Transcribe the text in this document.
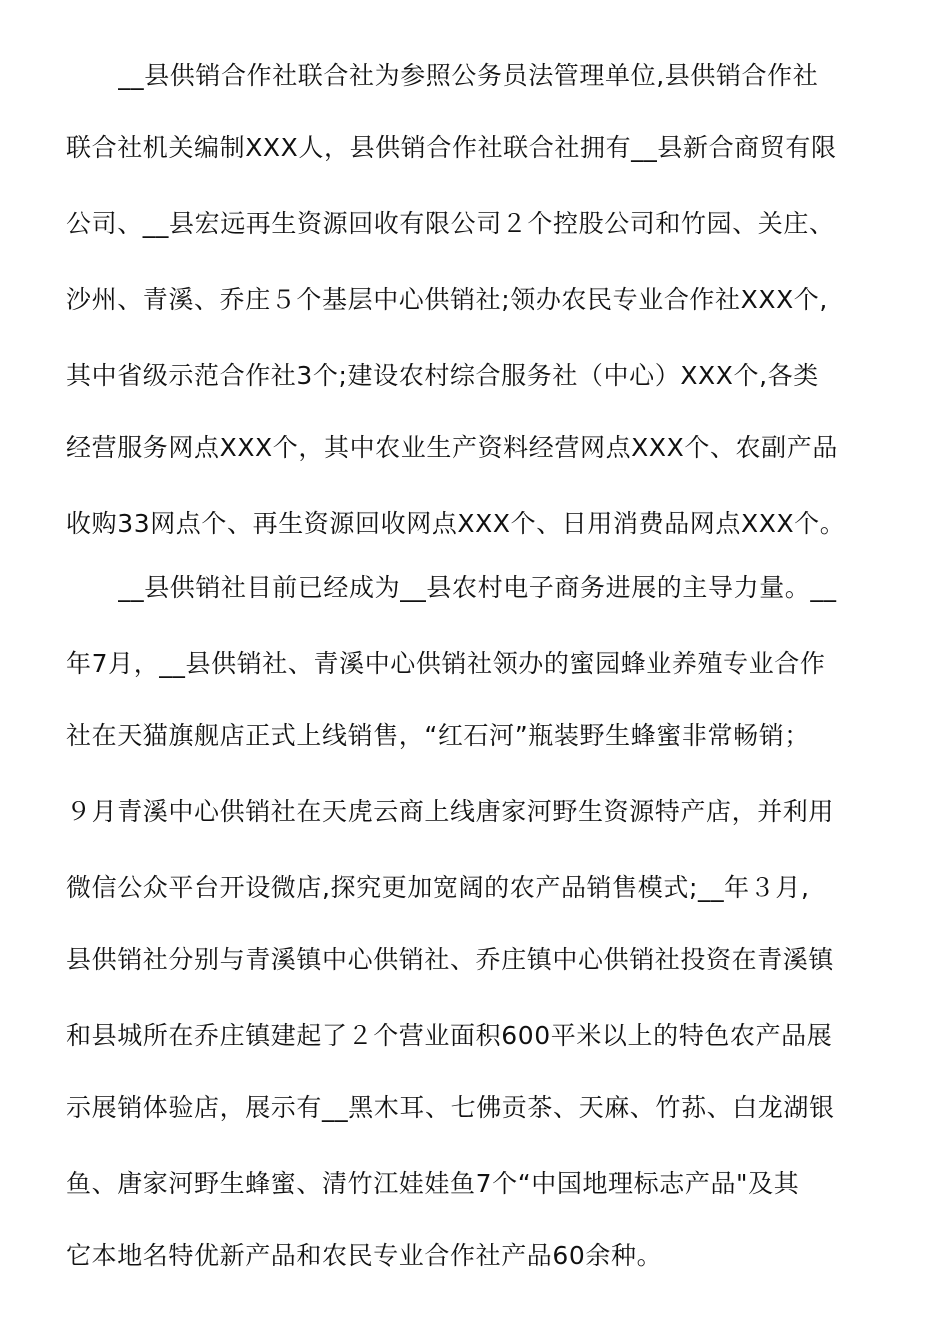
__县供销合作社联合社为参照公务员法管理单位,县供销合作社
联合社机关编制XXX人，县供销合作社联合社拥有__县新合商贸有限
公司、__县宏远再生资源回收有限公司２个控股公司和竹园、关庄、
沙州、青溪、乔庄５个基层中心供销社;领办农民专业合作社XXX个,
其中省级示范合作社3个;建设农村综合服务社（中心）XXX个,各类
经营服务网点XXX个，其中农业生产资料经营网点XXX个、农副产品
收购33网点个、再生资源回收网点XXX个、日用消费品网点XXX个。
__县供销社目前已经成为__县农村电子商务进展的主导力量。__
年7月，__县供销社、青溪中心供销社领办的蜜园蜂业养殖专业合作
社在天猫旗舰店正式上线销售，“红石河”瓶装野生蜂蜜非常畅销；
９月青溪中心供销社在天虎云商上线唐家河野生资源特产店，并利用
微信公众平台开设微店,探究更加宽阔的农产品销售模式;__年３月,
县供销社分别与青溪镇中心供销社、乔庄镇中心供销社投资在青溪镇
和县城所在乔庄镇建起了２个营业面积600平米以上的特色农产品展
示展销体验店，展示有__黑木耳、七佛贡茶、天麻、竹荪、白龙湖银
鱼、唐家河野生蜂蜜、清竹江娃娃鱼7个“中国地理标志产品"及其
它本地名特优新产品和农民专业合作社产品60余种。
